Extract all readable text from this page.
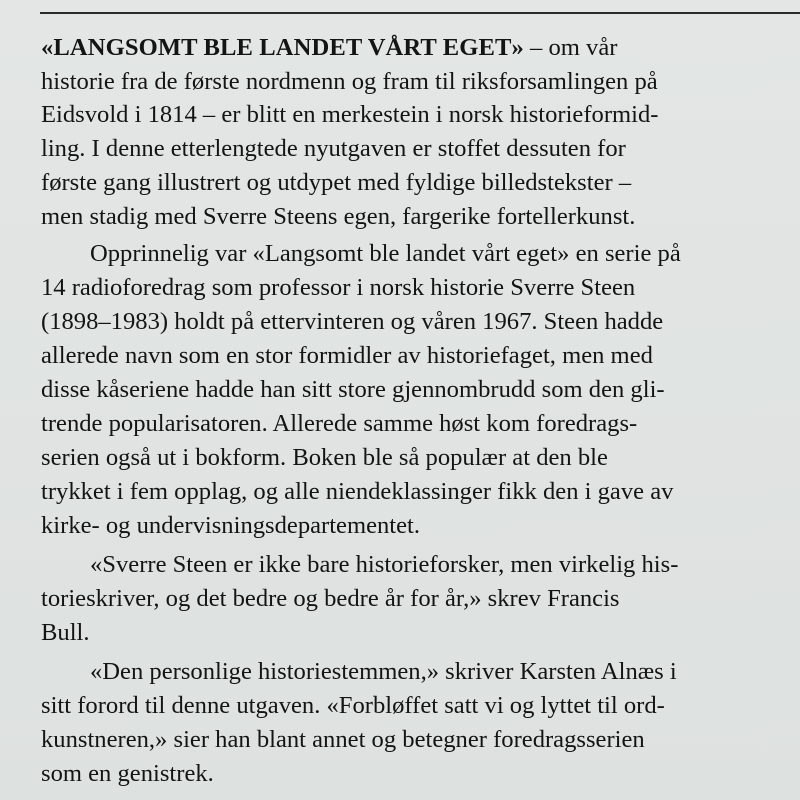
«LANGSOMT BLE LANDET VÅRT EGET» – om vår
historie fra de første nordmenn og fram til riksforsamlingen på
Eidsvold i 1814 – er blitt en merkestein i norsk historieformid-
ling. I denne etterlengtede nyutgaven er stoffet dessuten for
første gang illustrert og utdypet med fyldige billedstekster –
men stadig med Sverre Steens egen, fargerike fortellerkunst.
Opprinnelig var «Langsomt ble landet vårt eget» en serie på
14 radioforedrag som professor i norsk historie Sverre Steen
(1898–1983) holdt på ettervinteren og våren 1967. Steen hadde
allerede navn som en stor formidler av historiefaget, men med
disse kåseriene hadde han sitt store gjennombrudd som den gli-
trende popularisatoren. Allerede samme høst kom foredrags-
serien også ut i bokform. Boken ble så populær at den ble
trykket i fem opplag, og alle niendeklassinger fikk den i gave av
kirke- og undervisningsdepartementet.
«Sverre Steen er ikke bare historieforsker, men virkelig his-
torieskriver, og det bedre og bedre år for år,» skrev Francis
Bull.
«Den personlige historiestemmen,» skriver Karsten Alnæs i
sitt forord til denne utgaven. «Forbløffet satt vi og lyttet til ord-
kunstneren,» sier han blant annet og betegner foredragsserien
som en genistrek.
